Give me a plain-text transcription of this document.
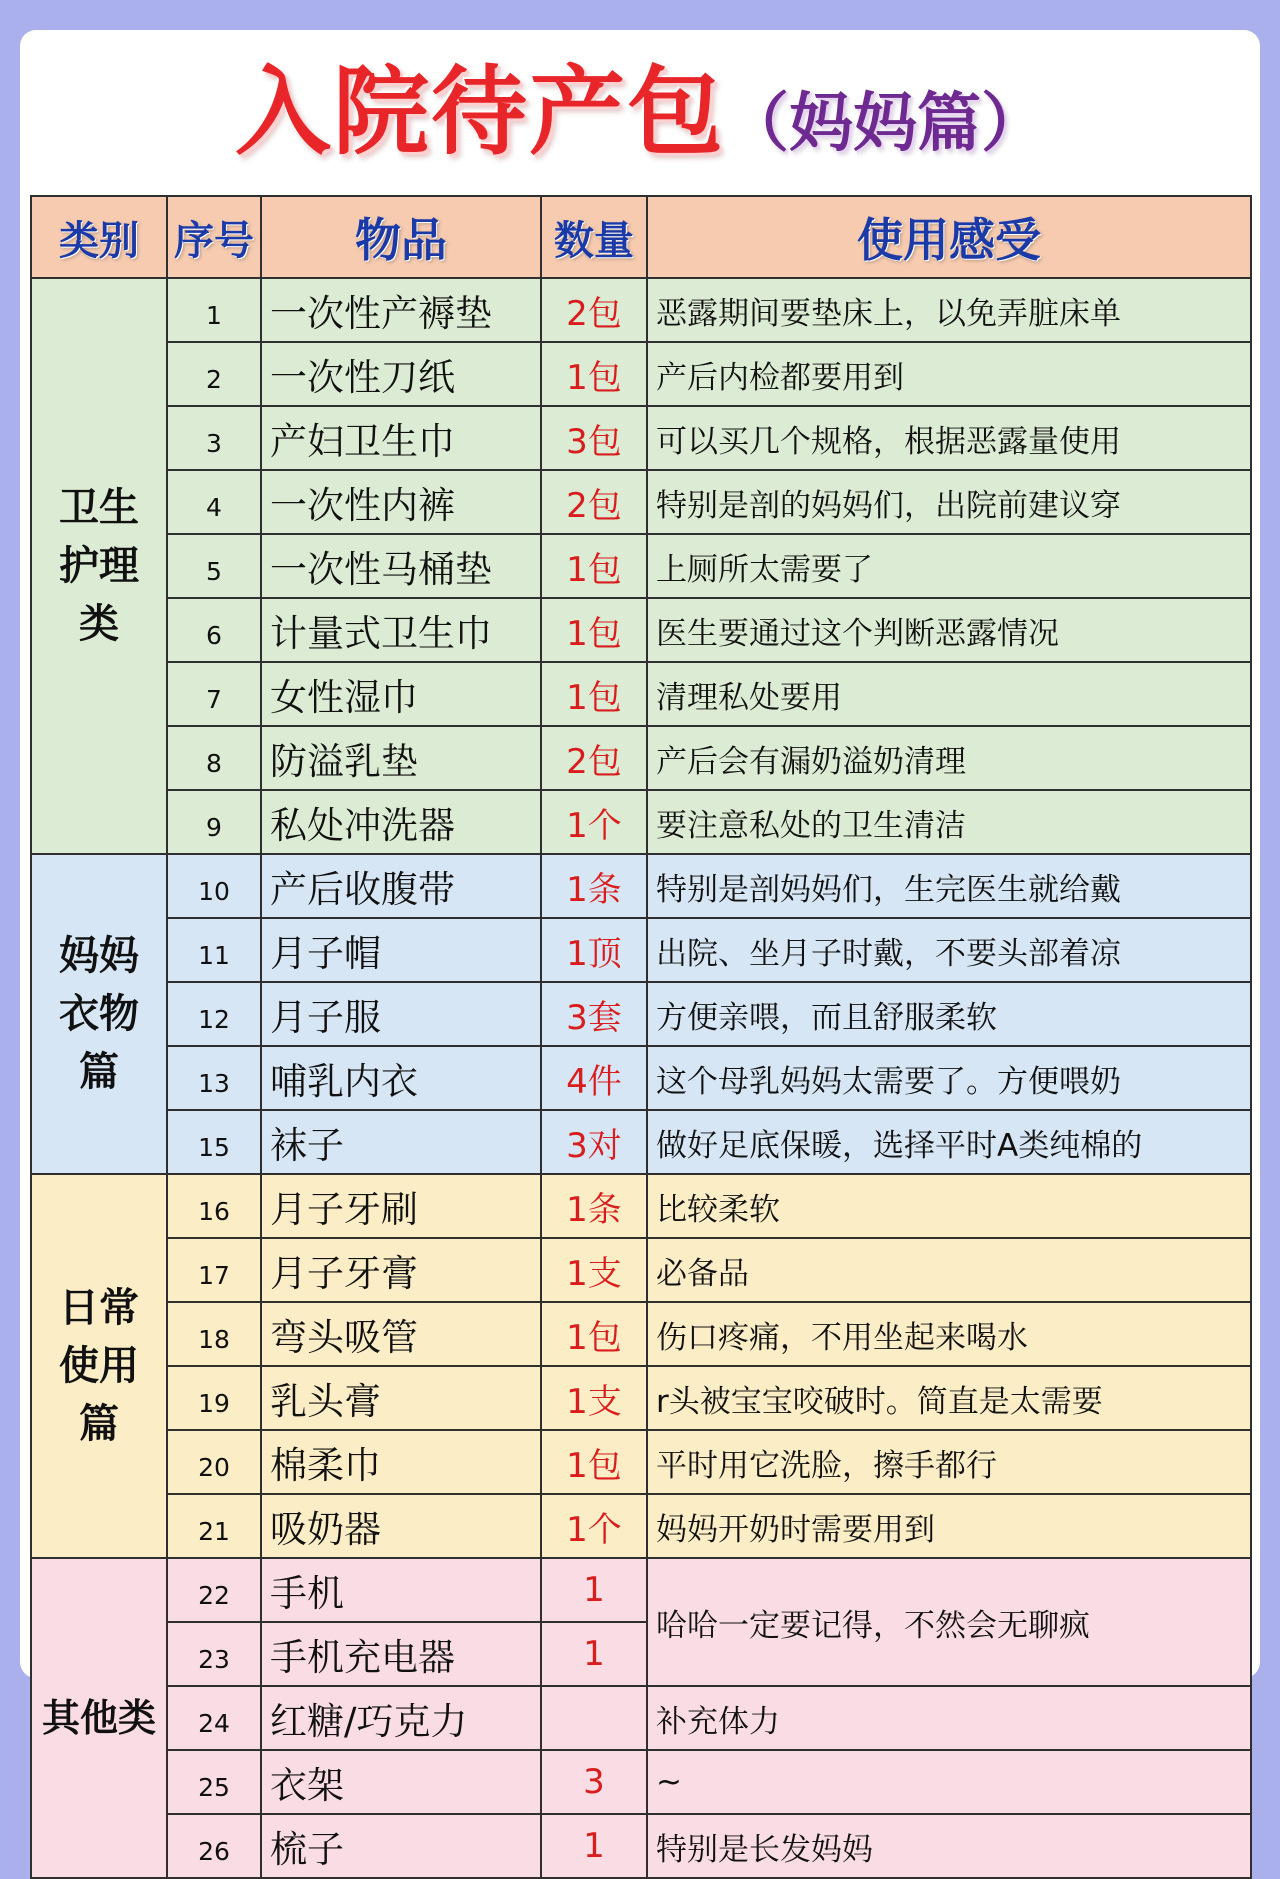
入院待产包（妈妈篇）
类别	序号	物品	数量	使用感受
卫生
护理
类	1	一次性产褥垫	2包	恶露期间要垫床上，以免弄脏床单
	2	一次性刀纸	1包	产后内检都要用到
	3	产妇卫生巾	3包	可以买几个规格，根据恶露量使用
	4	一次性内裤	2包	特别是剖的妈妈们，出院前建议穿
	5	一次性马桶垫	1包	上厕所太需要了
	6	计量式卫生巾	1包	医生要通过这个判断恶露情况
	7	女性湿巾	1包	清理私处要用
	8	防溢乳垫	2包	产后会有漏奶溢奶清理
	9	私处冲洗器	1个	要注意私处的卫生清洁
妈妈
衣物
篇	10	产后收腹带	1条	特别是剖妈妈们，生完医生就给戴
	11	月子帽	1顶	出院、坐月子时戴，不要头部着凉
	12	月子服	3套	方便亲喂，而且舒服柔软
	13	哺乳内衣	4件	这个母乳妈妈太需要了。方便喂奶
	15	袜子	3对	做好足底保暖，选择平时A类纯棉的
日常
使用
篇	16	月子牙刷	1条	比较柔软
	17	月子牙膏	1支	必备品
	18	弯头吸管	1包	伤口疼痛，不用坐起来喝水
	19	乳头膏	1支	r头被宝宝咬破时。简直是太需要
	20	棉柔巾	1包	平时用它洗脸，擦手都行
	21	吸奶器	1个	妈妈开奶时需要用到
其他类	22	手机	1	哈哈一定要记得，不然会无聊疯
	23	手机充电器	1	
	24	红糖/巧克力		补充体力
	25	衣架	3	~
	26	梳子	1	特别是长发妈妈
